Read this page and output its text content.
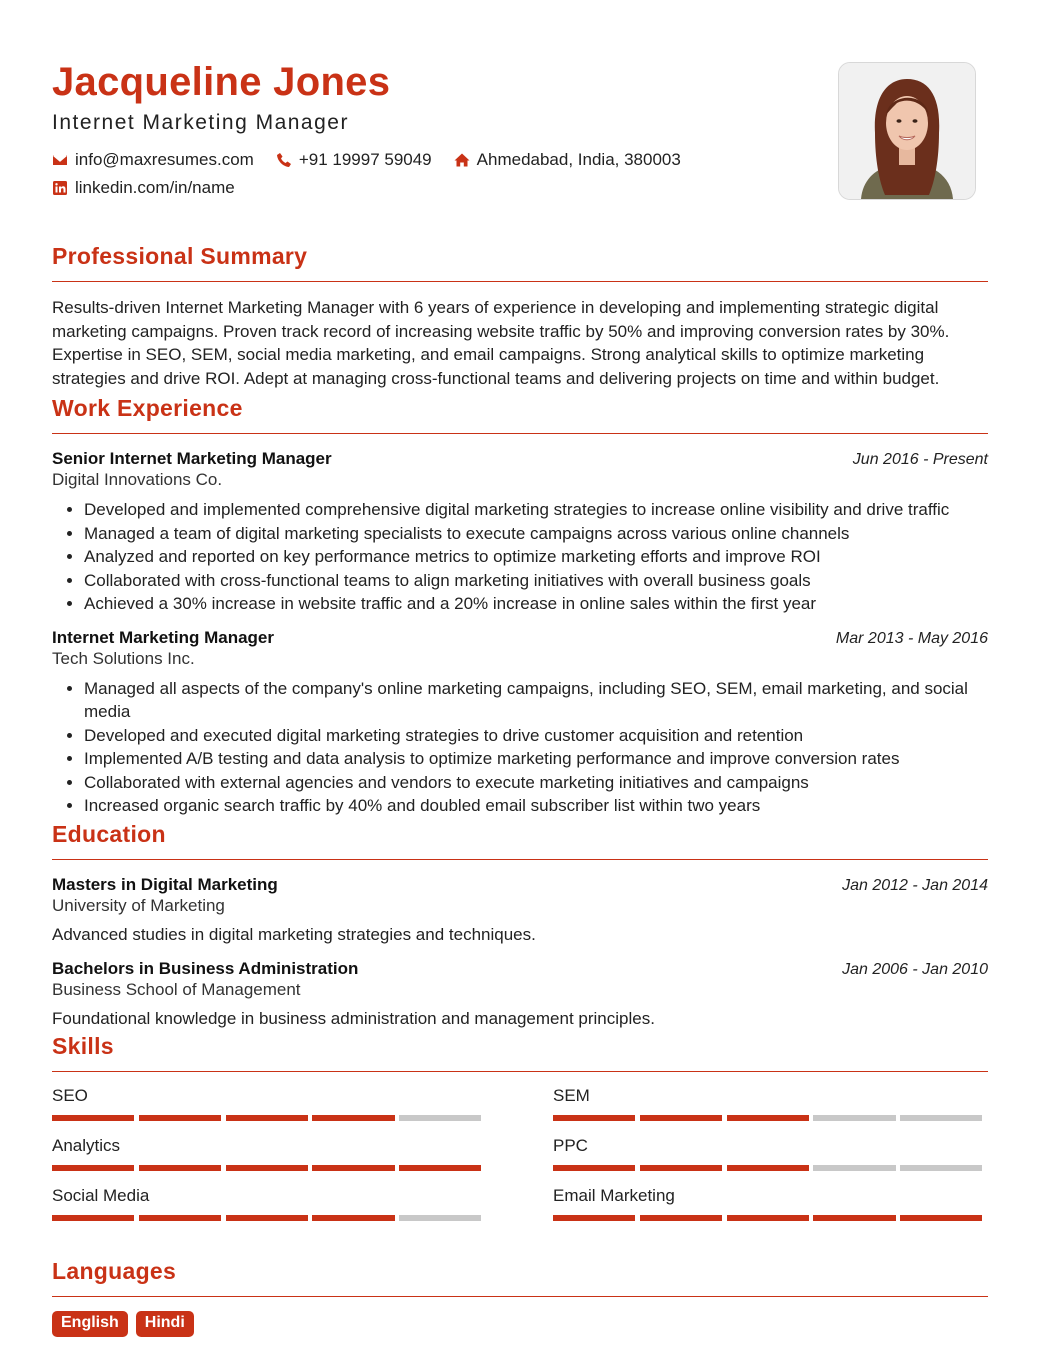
Jacqueline Jones
Internet Marketing Manager
info@maxresumes.com	+91 19997 59049	Ahmedabad, India, 380003
linkedin.com/in/name
Professional Summary

Results-driven Internet Marketing Manager with 6 years of experience in developing and implementing strategic digital marketing campaigns. Proven track record of increasing website traffic by 50% and improving conversion rates by 30%. Expertise in SEO, SEM, social media marketing, and email campaigns. Strong analytical skills to optimize marketing strategies and drive ROI. Adept at managing cross-functional teams and delivering projects on time and within budget.

Work Experience
Senior Internet Marketing Manager	Jun 2016 - Present
Digital Innovations Co.
• Developed and implemented comprehensive digital marketing strategies to increase online visibility and drive traffic
• Managed a team of digital marketing specialists to execute campaigns across various online channels
• Analyzed and reported on key performance metrics to optimize marketing efforts and improve ROI
• Collaborated with cross-functional teams to align marketing initiatives with overall business goals
• Achieved a 30% increase in website traffic and a 20% increase in online sales within the first year
Internet Marketing Manager	Mar 2013 - May 2016
Tech Solutions Inc.
• Managed all aspects of the company's online marketing campaigns, including SEO, SEM, email marketing, and social media
• Developed and executed digital marketing strategies to drive customer acquisition and retention
• Implemented A/B testing and data analysis to optimize marketing performance and improve conversion rates
• Collaborated with external agencies and vendors to execute marketing initiatives and campaigns
• Increased organic search traffic by 40% and doubled email subscriber list within two years
Education
Masters in Digital Marketing	Jan 2012 - Jan 2014
University of Marketing
Advanced studies in digital marketing strategies and techniques.
Bachelors in Business Administration	Jan 2006 - Jan 2010
Business School of Management
Foundational knowledge in business administration and management principles.
Skills
SEO	SEM
Analytics	PPC
Social Media	Email Marketing
Languages
English	Hindi
